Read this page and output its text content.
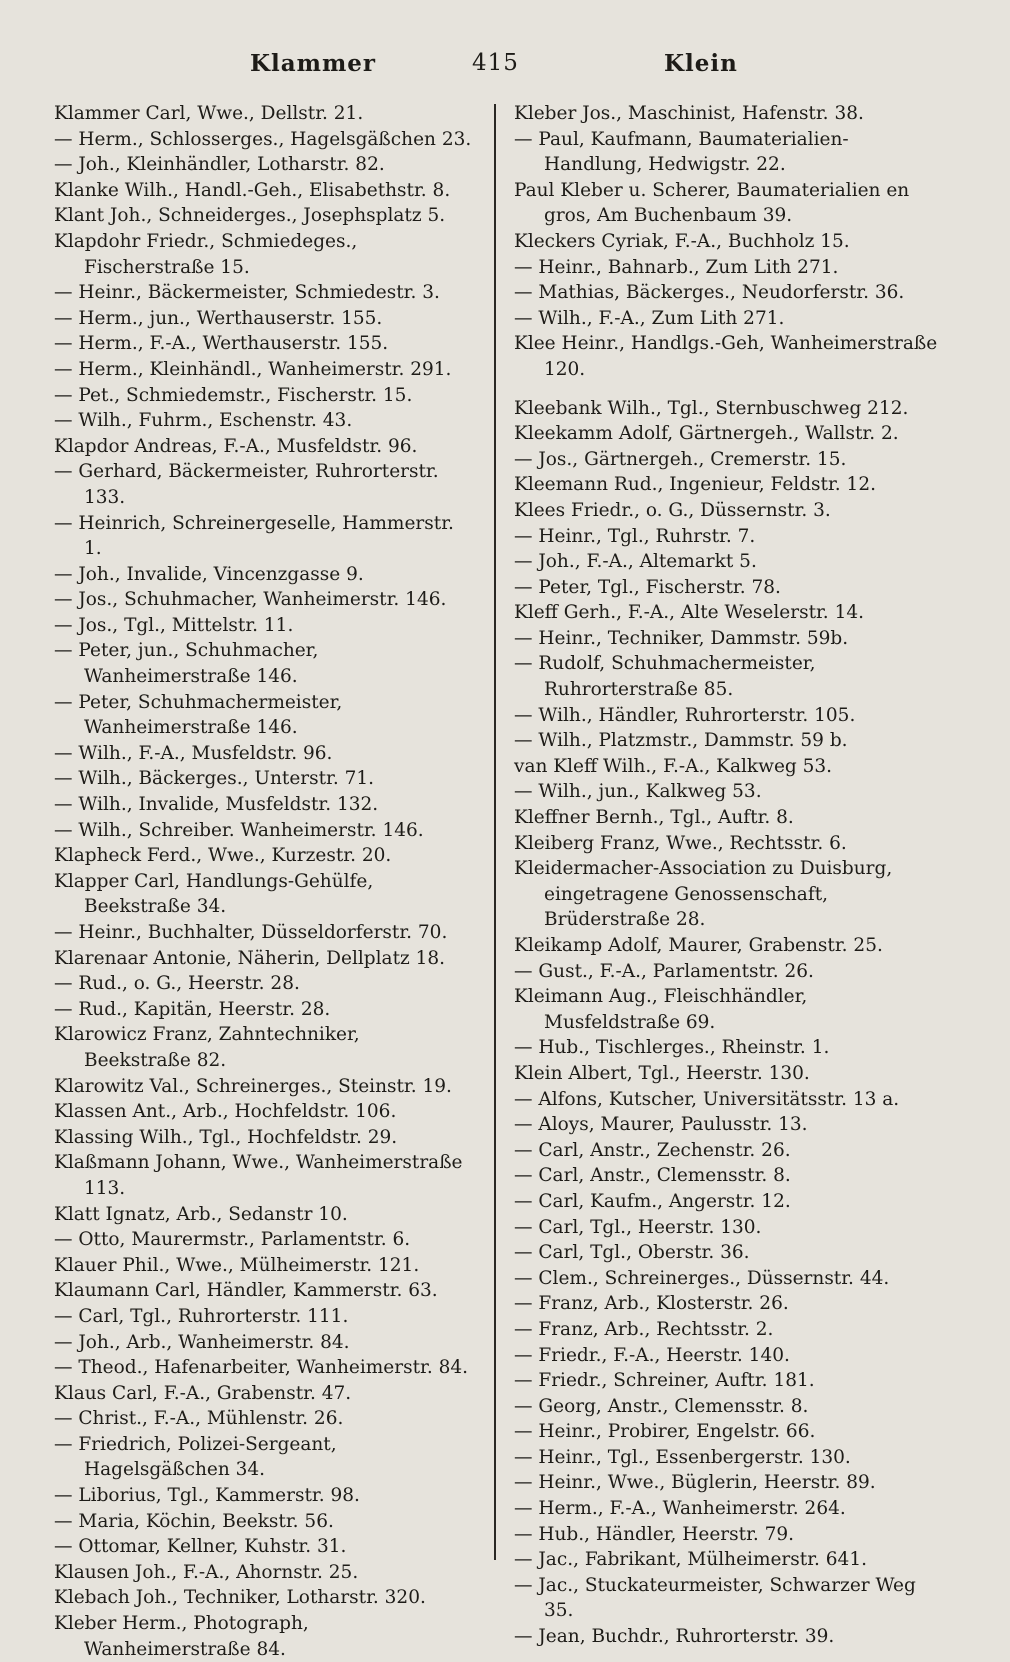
Klammer	415	Klein
Klammer Carl, Wwe., Dellstr. 21.
— Herm., Schlosserges., Hagelsgäßchen 23.
— Joh., Kleinhändler, Lotharstr. 82.
Klanke Wilh., Handl.-Geh., Elisabethstr. 8.
Klant Joh., Schneiderges., Josephsplatz 5.
Klapdohr Friedr., Schmiedeges., Fischerstraße 15.
— Heinr., Bäckermeister, Schmiedestr. 3.
— Herm., jun., Werthauserstr. 155.
— Herm., F.-A., Werthauserstr. 155.
— Herm., Kleinhändl., Wanheimerstr. 291.
— Pet., Schmiedemstr., Fischerstr. 15.
— Wilh., Fuhrm., Eschenstr. 43.
Klapdor Andreas, F.-A., Musfeldstr. 96.
— Gerhard, Bäckermeister, Ruhrorterstr. 133.
— Heinrich, Schreinergeselle, Hammerstr. 1.
— Joh., Invalide, Vincenzgasse 9.
— Jos., Schuhmacher, Wanheimerstr. 146.
— Jos., Tgl., Mittelstr. 11.
— Peter, jun., Schuhmacher, Wanheimerstraße 146.
— Peter, Schuhmachermeister, Wanheimerstraße 146.
— Wilh., F.-A., Musfeldstr. 96.
— Wilh., Bäckerges., Unterstr. 71.
— Wilh., Invalide, Musfeldstr. 132.
— Wilh., Schreiber. Wanheimerstr. 146.
Klapheck Ferd., Wwe., Kurzestr. 20.
Klapper Carl, Handlungs-Gehülfe, Beekstraße 34.
— Heinr., Buchhalter, Düsseldorferstr. 70.
Klarenaar Antonie, Näherin, Dellplatz 18.
— Rud., o. G., Heerstr. 28.
— Rud., Kapitän, Heerstr. 28.
Klarowicz Franz, Zahntechniker, Beekstraße 82.
Klarowitz Val., Schreinerges., Steinstr. 19.
Klassen Ant., Arb., Hochfeldstr. 106.
Klassing Wilh., Tgl., Hochfeldstr. 29.
Klaßmann Johann, Wwe., Wanheimerstraße 113.
Klatt Ignatz, Arb., Sedanstr 10.
— Otto, Maurermstr., Parlamentstr. 6.
Klauer Phil., Wwe., Mülheimerstr. 121.
Klaumann Carl, Händler, Kammerstr. 63.
— Carl, Tgl., Ruhrorterstr. 111.
— Joh., Arb., Wanheimerstr. 84.
— Theod., Hafenarbeiter, Wanheimerstr. 84.
Klaus Carl, F.-A., Grabenstr. 47.
— Christ., F.-A., Mühlenstr. 26.
— Friedrich, Polizei-Sergeant, Hagelsgäßchen 34.
— Liborius, Tgl., Kammerstr. 98.
— Maria, Köchin, Beekstr. 56.
— Ottomar, Kellner, Kuhstr. 31.
Klausen Joh., F.-A., Ahornstr. 25.
Klebach Joh., Techniker, Lotharstr. 320.
Kleber Herm., Photograph, Wanheimerstraße 84.
Kleber Jos., Maschinist, Hafenstr. 38.
— Paul, Kaufmann, Baumaterialien-Handlung, Hedwigstr. 22.
Paul Kleber u. Scherer, Baumaterialien en gros, Am Buchenbaum 39.
Kleckers Cyriak, F.-A., Buchholz 15.
— Heinr., Bahnarb., Zum Lith 271.
— Mathias, Bäckerges., Neudorferstr. 36.
— Wilh., F.-A., Zum Lith 271.
Klee Heinr., Handlgs.-Geh, Wanheimerstraße 120.
Kleebank Wilh., Tgl., Sternbuschweg 212.
Kleekamm Adolf, Gärtnergeh., Wallstr. 2.
— Jos., Gärtnergeh., Cremerstr. 15.
Kleemann Rud., Ingenieur, Feldstr. 12.
Klees Friedr., o. G., Düssernstr. 3.
— Heinr., Tgl., Ruhrstr. 7.
— Joh., F.-A., Altemarkt 5.
— Peter, Tgl., Fischerstr. 78.
Kleff Gerh., F.-A., Alte Weselerstr. 14.
— Heinr., Techniker, Dammstr. 59b.
— Rudolf, Schuhmachermeister, Ruhrorterstraße 85.
— Wilh., Händler, Ruhrorterstr. 105.
— Wilh., Platzmstr., Dammstr. 59 b.
van Kleff Wilh., F.-A., Kalkweg 53.
— Wilh., jun., Kalkweg 53.
Kleffner Bernh., Tgl., Auftr. 8.
Kleiberg Franz, Wwe., Rechtsstr. 6.
Kleidermacher-Association zu Duisburg, eingetragene Genossenschaft, Brüderstraße 28.
Kleikamp Adolf, Maurer, Grabenstr. 25.
— Gust., F.-A., Parlamentstr. 26.
Kleimann Aug., Fleischhändler, Musfeldstraße 69.
— Hub., Tischlerges., Rheinstr. 1.
Klein Albert, Tgl., Heerstr. 130.
— Alfons, Kutscher, Universitätsstr. 13 a.
— Aloys, Maurer, Paulusstr. 13.
— Carl, Anstr., Zechenstr. 26.
— Carl, Anstr., Clemensstr. 8.
— Carl, Kaufm., Angerstr. 12.
— Carl, Tgl., Heerstr. 130.
— Carl, Tgl., Oberstr. 36.
— Clem., Schreinerges., Düssernstr. 44.
— Franz, Arb., Klosterstr. 26.
— Franz, Arb., Rechtsstr. 2.
— Friedr., F.-A., Heerstr. 140.
— Friedr., Schreiner, Auftr. 181.
— Georg, Anstr., Clemensstr. 8.
— Heinr., Probirer, Engelstr. 66.
— Heinr., Tgl., Essenbergerstr. 130.
— Heinr., Wwe., Büglerin, Heerstr. 89.
— Herm., F.-A., Wanheimerstr. 264.
— Hub., Händler, Heerstr. 79.
— Jac., Fabrikant, Mülheimerstr. 641.
— Jac., Stuckateurmeister, Schwarzer Weg 35.
— Jean, Buchdr., Ruhrorterstr. 39.
